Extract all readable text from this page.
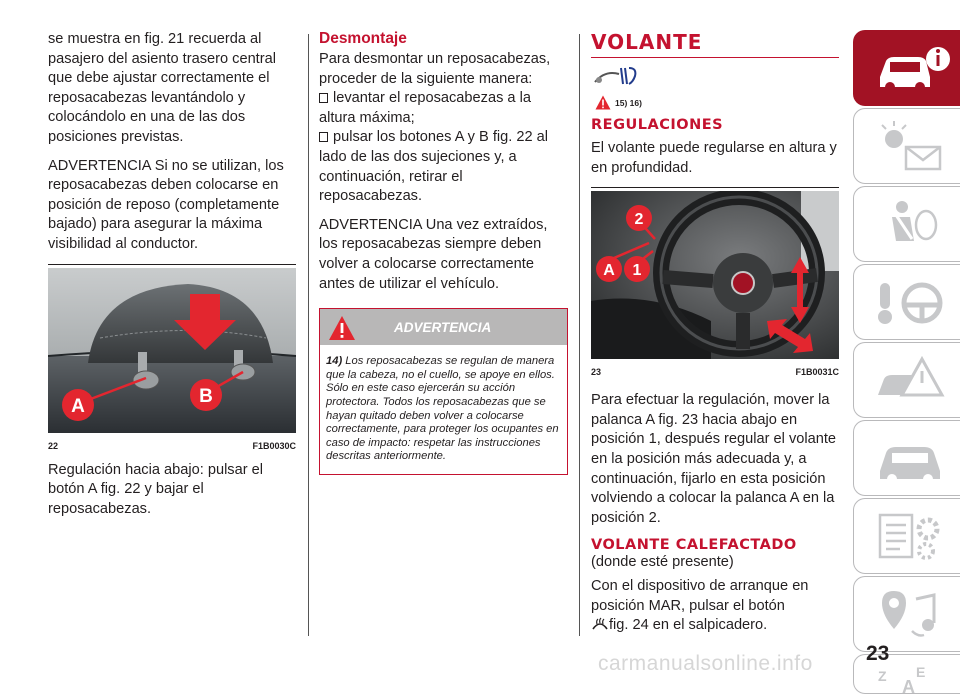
se muestra en fig. 21 recuerda al pasajero del asiento trasero central que debe ajustar correctamente el reposacabezas levantándolo y colocándolo en una de las dos posiciones previstas.

ADVERTENCIA Si no se utilizan, los reposacabezas deben colocarse en posición de reposo (completamente bajado) para asegurar la máxima visibilidad al conductor.

A	B
22	F1B0030C

Regulación hacia abajo: pulsar el botón A fig. 22 y bajar el reposacabezas.

Desmontaje

Para desmontar un reposacabezas, proceder de la siguiente manera:

levantar el reposacabezas a la altura máxima;

pulsar los botones A y B fig. 22 al lado de las dos sujeciones y, a continuación, retirar el reposacabezas.

ADVERTENCIA Una vez extraídos, los reposacabezas siempre deben volver a colocarse correctamente antes de utilizar el vehículo.

ADVERTENCIA

14) Los reposacabezas se regulan de manera que la cabeza, no el cuello, se apoye en ellos. Sólo en este caso ejercerán su acción protectora. Todos los reposacabezas que se hayan quitado deben volver a colocarse correctamente, para proteger los ocupantes en caso de impacto: respetar las instrucciones descritas anteriormente.

VOLANTE
15) 16)
REGULACIONES

El volante puede regularse en altura y en profundidad.

2
A 1
23	F1B0031C

Para efectuar la regulación, mover la palanca A fig. 23 hacia abajo en posición 1, después regular el volante en la posición más adecuada y, a continuación, fijarlo en esta posición volviendo a colocar la palanca A en la posición 2.

VOLANTE CALEFACTADO

(donde esté presente)

Con el dispositivo de arranque en posición MAR, pulsar el botón

fig. 24 en el salpicadero.

Z E
A
23
carmanualsonline.info
